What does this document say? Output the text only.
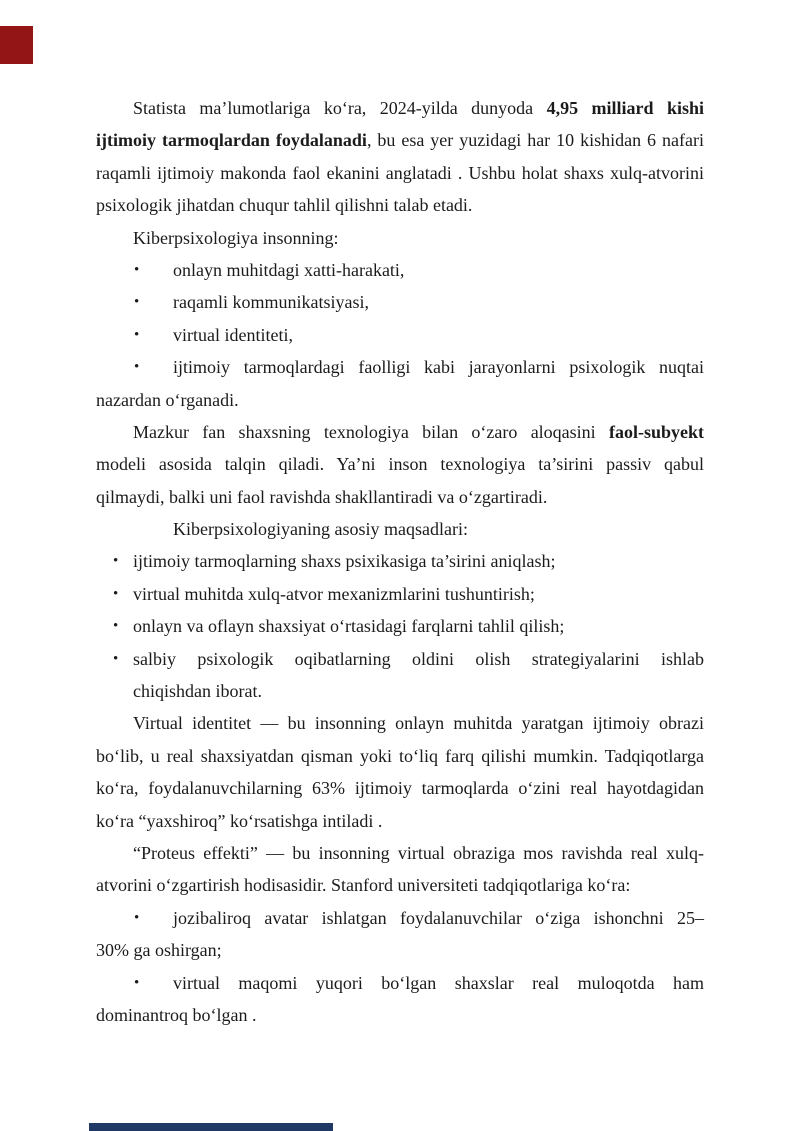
Statista ma’lumotlariga ko‘ra, 2024-yilda dunyoda 4,95 milliard kishi
ijtimoiy tarmoqlardan foydalanadi, bu esa yer yuzidagi har 10 kishidan 6 nafari
raqamli ijtimoiy makonda faol ekanini anglatadi . Ushbu holat shaxs xulq-atvorini
psixologik jihatdan chuqur tahlil qilishni talab etadi.
Kiberpsixologiya insonning:
• onlayn muhitdagi xatti-harakati,
• raqamli kommunikatsiyasi,
• virtual identiteti,
• ijtimoiy tarmoqlardagi faolligi kabi jarayonlarni psixologik nuqtai
nazardan o‘rganadi.
Mazkur fan shaxsning texnologiya bilan o‘zaro aloqasini faol-subyekt
modeli asosida talqin qiladi. Ya’ni inson texnologiya ta’sirini passiv qabul
qilmaydi, balki uni faol ravishda shakllantiradi va o‘zgartiradi.
Kiberpsixologiyaning asosiy maqsadlari:
• ijtimoiy tarmoqlarning shaxs psixikasiga ta’sirini aniqlash;
• virtual muhitda xulq-atvor mexanizmlarini tushuntirish;
• onlayn va oflayn shaxsiyat o‘rtasidagi farqlarni tahlil qilish;
• salbiy psixologik oqibatlarning oldini olish strategiyalarini ishlab
chiqishdan iborat.
Virtual identitet — bu insonning onlayn muhitda yaratgan ijtimoiy obrazi
bo‘lib, u real shaxsiyatdan qisman yoki to‘liq farq qilishi mumkin. Tadqiqotlarga
ko‘ra, foydalanuvchilarning 63% ijtimoiy tarmoqlarda o‘zini real hayotdagidan
ko‘ra “yaxshiroq” ko‘rsatishga intiladi .
“Proteus effekti” — bu insonning virtual obraziga mos ravishda real xulq-
atvorini o‘zgartirish hodisasidir. Stanford universiteti tadqiqotlariga ko‘ra:
• jozibaliroq avatar ishlatgan foydalanuvchilar o‘ziga ishonchni 25–
30% ga oshirgan;
• virtual maqomi yuqori bo‘lgan shaxslar real muloqotda ham
dominantroq bo‘lgan .
